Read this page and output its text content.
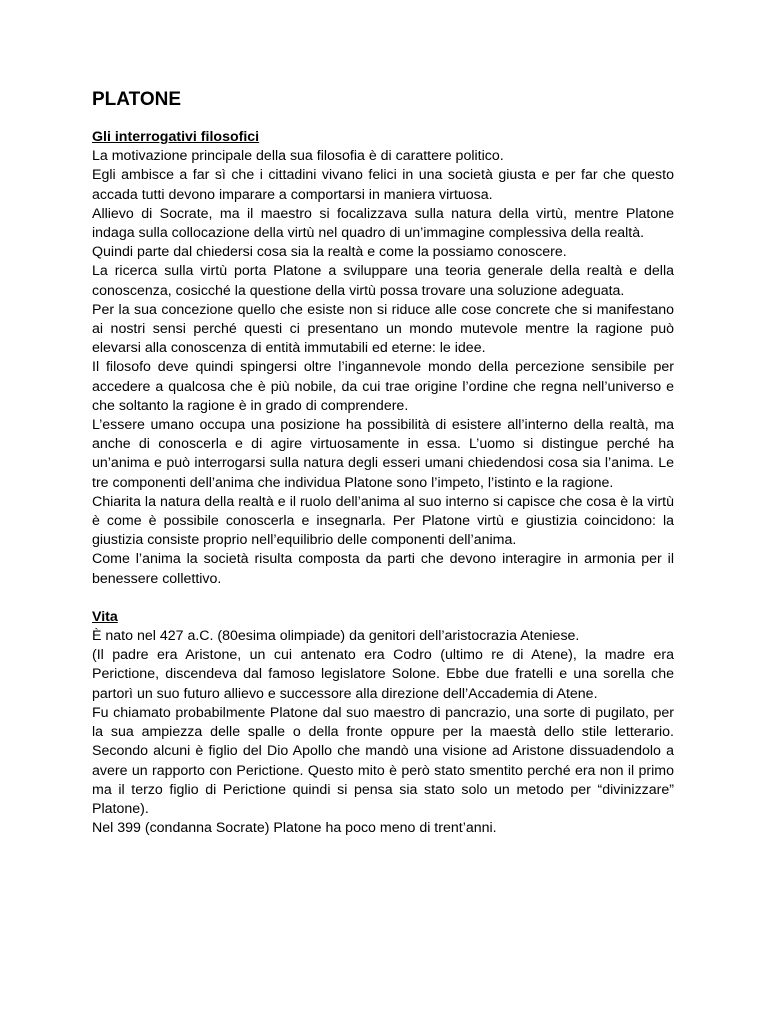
PLATONE

Gli interrogativi filosofici

La motivazione principale della sua filosofia è di carattere politico.

Egli ambisce a far sì che i cittadini vivano felici in una società giusta e per far che questo accada tutti devono imparare a comportarsi in maniera virtuosa.

Allievo di Socrate, ma il maestro si focalizzava sulla natura della virtù, mentre Platone indaga sulla collocazione della virtù nel quadro di un’immagine complessiva della realtà.

Quindi parte dal chiedersi cosa sia la realtà e come la possiamo conoscere.

La ricerca sulla virtù porta Platone a sviluppare una teoria generale della realtà e della conoscenza, cosicché la questione della virtù possa trovare una soluzione adeguata.

Per la sua concezione quello che esiste non si riduce alle cose concrete che si manifestano ai nostri sensi perché questi ci presentano un mondo mutevole mentre la ragione può elevarsi alla conoscenza di entità immutabili ed eterne: le idee.

Il filosofo deve quindi spingersi oltre l’ingannevole mondo della percezione sensibile per accedere a qualcosa che è più nobile, da cui trae origine l’ordine che regna nell’universo e che soltanto la ragione è in grado di comprendere.

L’essere umano occupa una posizione ha possibilità di esistere all’interno della realtà, ma anche di conoscerla e di agire virtuosamente in essa. L’uomo si distingue perché ha un’anima e può interrogarsi sulla natura degli esseri umani chiedendosi cosa sia l’anima. Le tre componenti dell’anima che individua Platone sono l’impeto, l’istinto e la ragione.

Chiarita la natura della realtà e il ruolo dell’anima al suo interno si capisce che cosa è la virtù è come è possibile conoscerla e insegnarla. Per Platone virtù e giustizia coincidono: la giustizia consiste proprio nell’equilibrio delle componenti dell’anima.

Come l’anima la società risulta composta da parti che devono interagire in armonia per il benessere collettivo.

Vita

È nato nel 427 a.C. (80esima olimpiade) da genitori dell’aristocrazia Ateniese.

(Il padre era Aristone, un cui antenato era Codro (ultimo re di Atene), la madre era Perictione, discendeva dal famoso legislatore Solone. Ebbe due fratelli e una sorella che partorì un suo futuro allievo e successore alla direzione dell’Accademia di Atene.

Fu chiamato probabilmente Platone dal suo maestro di pancrazio, una sorte di pugilato, per la sua ampiezza delle spalle o della fronte oppure per la maestà dello stile letterario. Secondo alcuni è figlio del Dio Apollo che mandò una visione ad Aristone dissuadendolo a avere un rapporto con Perictione. Questo mito è però stato smentito perché era non il primo ma il terzo figlio di Perictione quindi si pensa sia stato solo un metodo per “divinizzare” Platone).

Nel 399 (condanna Socrate) Platone ha poco meno di trent’anni.
